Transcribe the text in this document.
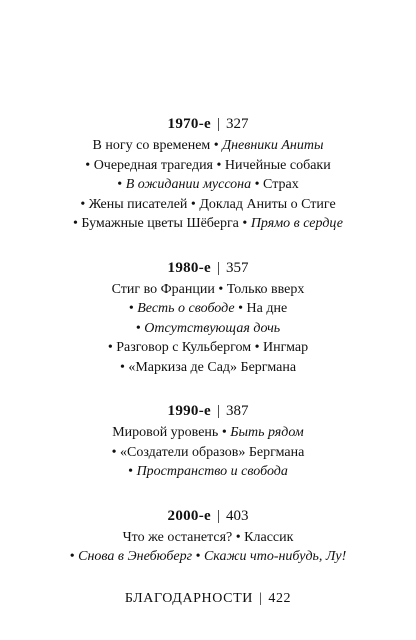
1970-е | 327
В ногу со временем • Дневники Аниты
• Очередная трагедия • Ничейные собаки
• В ожидании муссона • Страх
• Жены писателей • Доклад Аниты о Стиге
• Бумажные цветы Шёберга • Прямо в сердце
1980-е | 357
Стиг во Франции • Только вверх
• Весть о свободе • На дне
• Отсутствующая дочь
• Разговор с Кульбергом • Ингмар
• «Маркиза де Сад» Бергмана
1990-е | 387
Мировой уровень • Быть рядом
• «Создатели образов» Бергмана
• Пространство и свобода
2000-е | 403
Что же останется? • Классик
• Снова в Энебюберг • Скажи что-нибудь, Лу!
БЛАГОДАРНОСТИ | 422
